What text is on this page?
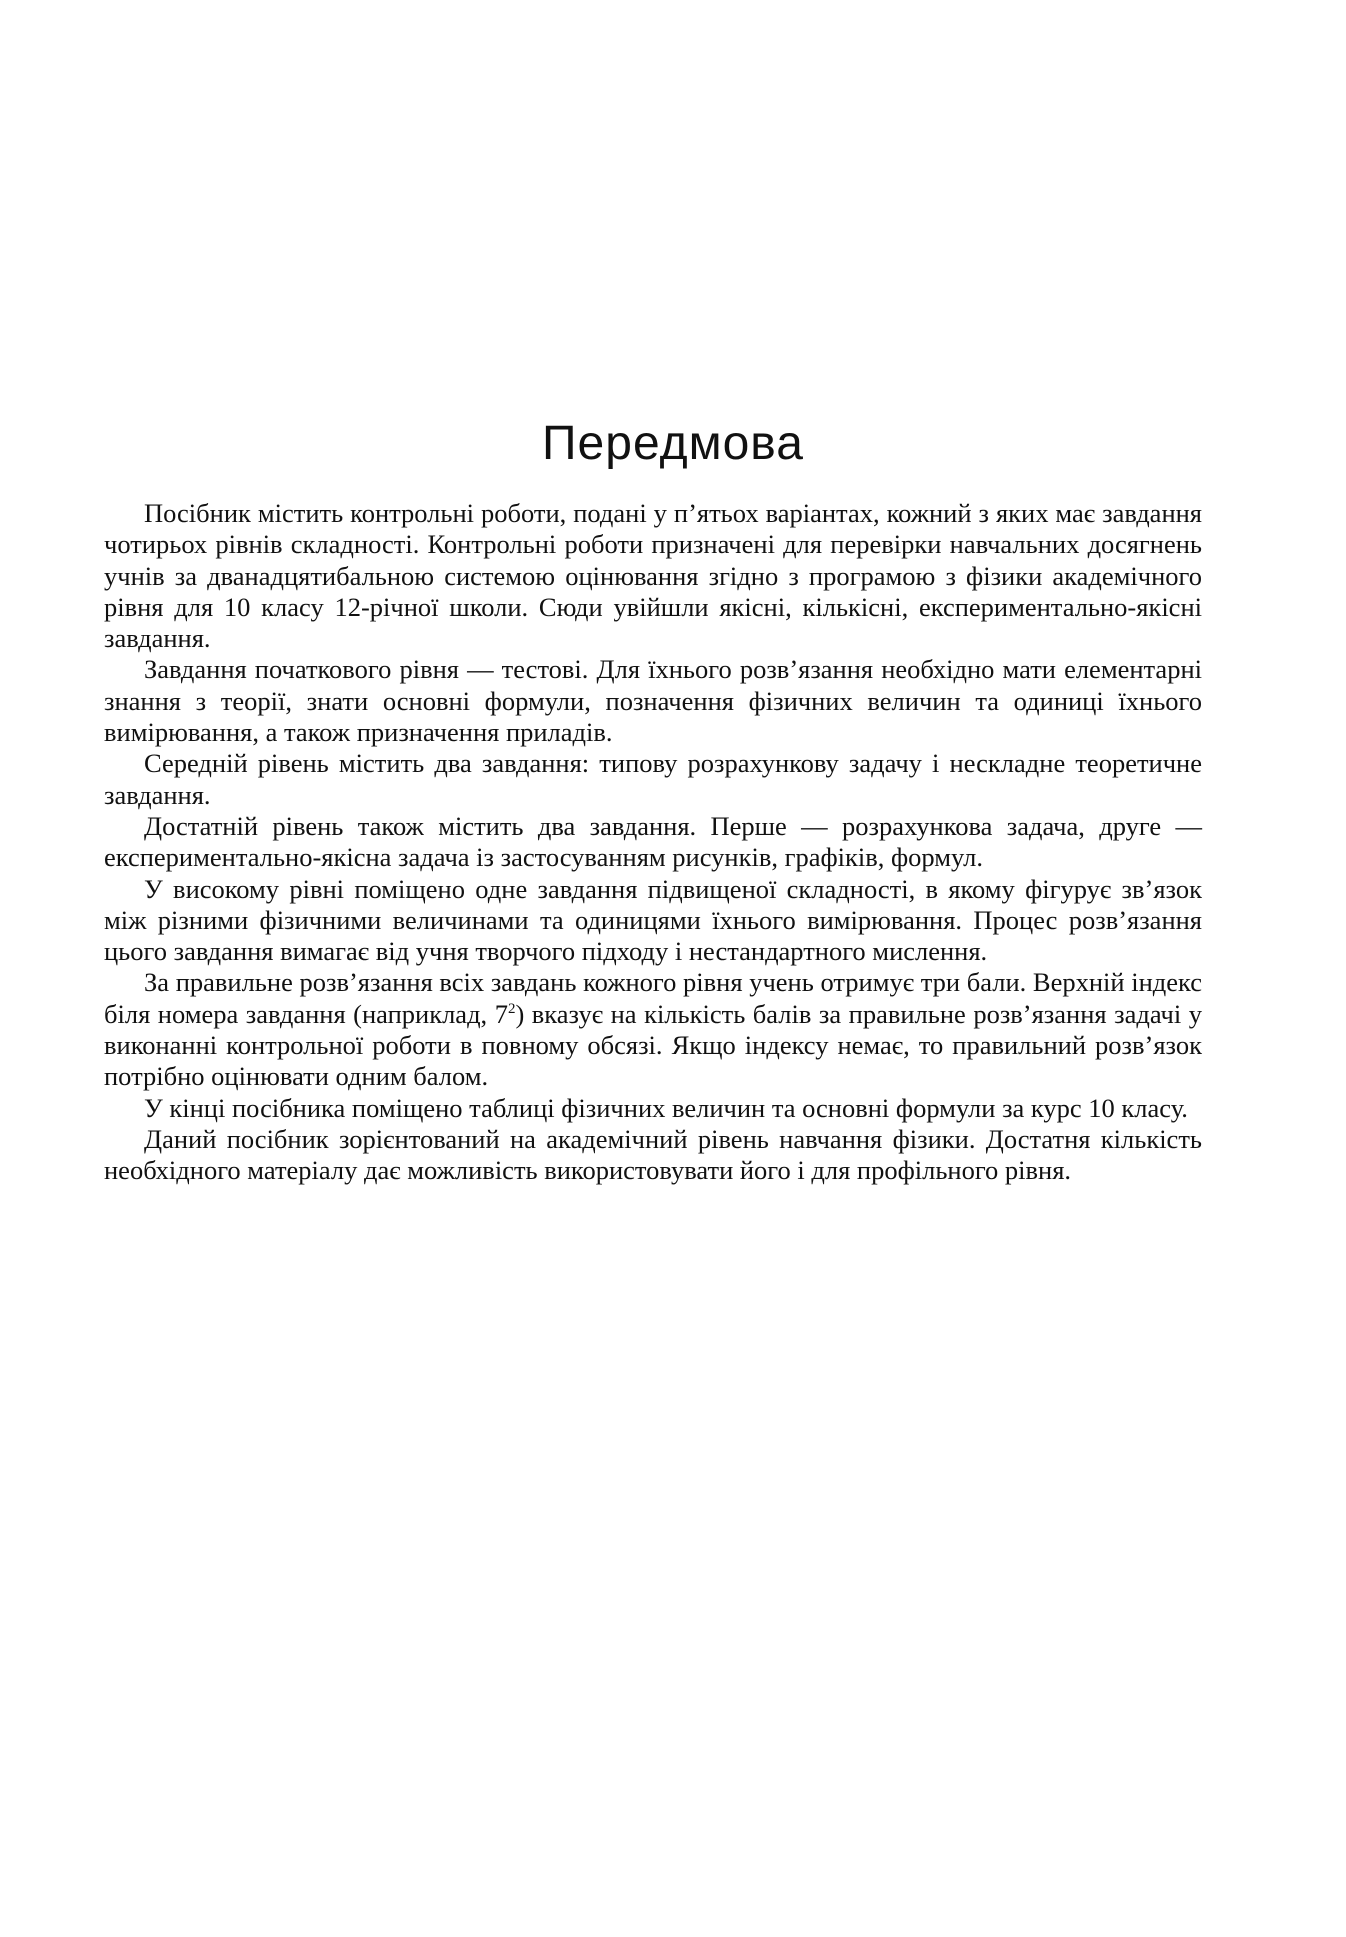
Передмова

Посібник містить контрольні роботи, подані у п’ятьох варіантах, кожний з яких має завдання чотирьох рівнів складності. Контрольні роботи призначені для перевірки навчальних досягнень учнів за дванадцятибальною системою оцінювання згідно з програмою з фізики академічного рівня для 10 класу 12-річної школи. Сюди увійшли якісні, кількісні, експериментально-якісні завдання.

Завдання початкового рівня — тестові. Для їхнього розв’язання необхідно мати елементарні знання з теорії, знати основні формули, позначення фізичних величин та одиниці їхнього вимірювання, а також призначення приладів.

Середній рівень містить два завдання: типову розрахункову задачу і нескладне теоретичне завдання.

Достатній рівень також містить два завдання. Перше — розрахункова задача, друге — експериментально-якісна задача із застосуванням рисунків, графіків, формул.

У високому рівні поміщено одне завдання підвищеної складності, в якому фігурує зв’язок між різними фізичними величинами та одиницями їхнього вимірювання. Процес розв’язання цього завдання вимагає від учня творчого підходу і нестандартного мислення.

За правильне розв’язання всіх завдань кожного рівня учень отримує три бали. Верхній індекс біля номера завдання (наприклад, $7^2$) вказує на кількість балів за правильне розв’язання задачі у виконанні контрольної роботи в повному обсязі. Якщо індексу немає, то правильний розв’язок потрібно оцінювати одним балом.

У кінці посібника поміщено таблиці фізичних величин та основні формули за курс 10 класу.

Даний посібник зорієнтований на академічний рівень навчання фізики. Достатня кількість необхідного матеріалу дає можливість використовувати його і для профільного рівня.
